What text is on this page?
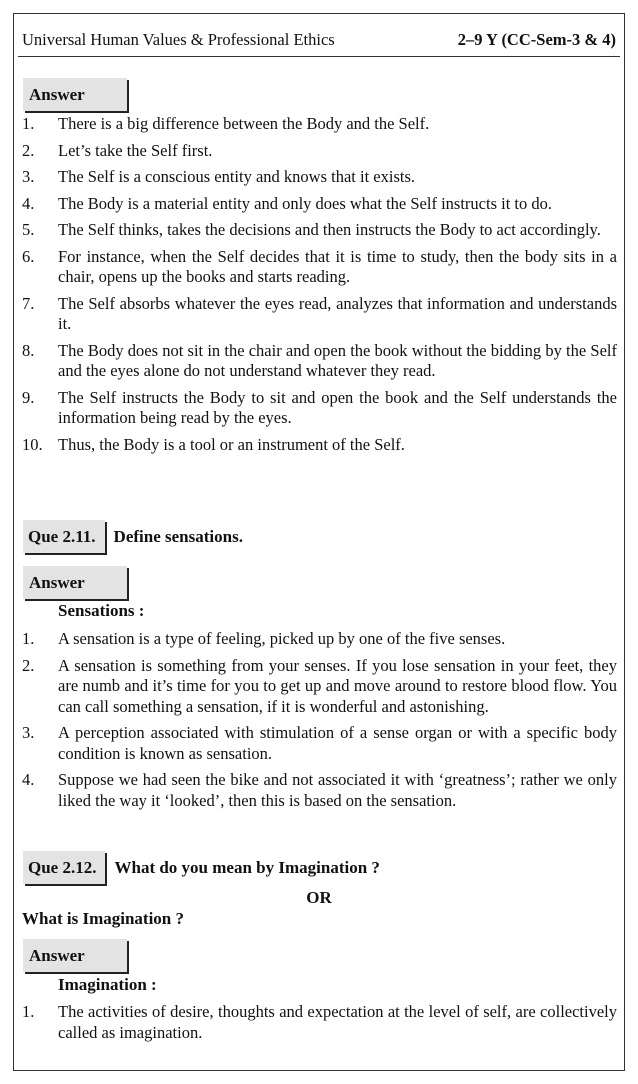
Universal Human Values & Professional Ethics	2–9 Y (CC-Sem-3 & 4)
Answer
1.	There is a big difference between the Body and the Self.
2.	Let’s take the Self first.
3.	The Self is a conscious entity and knows that it exists.
4.	The Body is a material entity and only does what the Self instructs it to do.
5.	The Self thinks, takes the decisions and then instructs the Body to act accordingly.
6.	For instance, when the Self decides that it is time to study, then the body sits in a chair, opens up the books and starts reading.
7.	The Self absorbs whatever the eyes read, analyzes that information and understands it.
8.	The Body does not sit in the chair and open the book without the bidding by the Self and the eyes alone do not understand whatever they read.
9.	The Self instructs the Body to sit and open the book and the Self understands the information being read by the eyes.
10. Thus, the Body is a tool or an instrument of the Self.
Que 2.11.	Define sensations.
Answer
Sensations :
1.	A sensation is a type of feeling, picked up by one of the five senses.
2.	A sensation is something from your senses. If you lose sensation in your feet, they are numb and it’s time for you to get up and move around to restore blood flow. You can call something a sensation, if it is wonderful and astonishing.
3.	A perception associated with stimulation of a sense organ or with a specific body condition is known as sensation.
4.	Suppose we had seen the bike and not associated it with ‘greatness’; rather we only liked the way it ‘looked’, then this is based on the sensation.
Que 2.12.	What do you mean by Imagination ?
OR
What is Imagination ?
Answer
Imagination :
1.	The activities of desire, thoughts and expectation at the level of self, are collectively called as imagination.
